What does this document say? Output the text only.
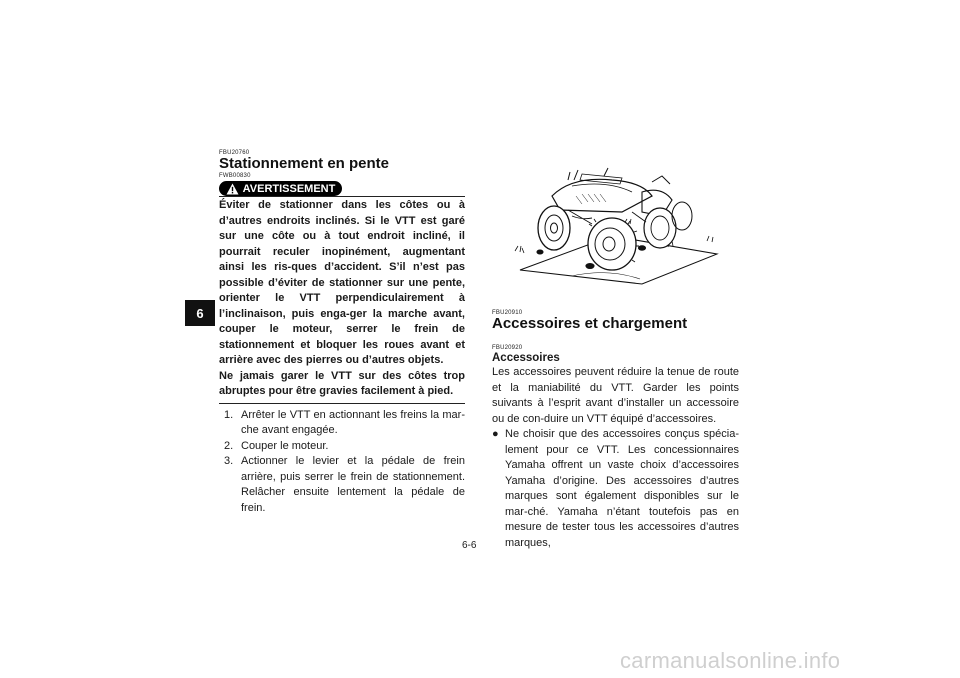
6
FBU20760
Stationnement en pente
FWB00830
AVERTISSEMENT
Éviter de stationner dans les côtes ou à d’autres endroits inclinés. Si le VTT est garé sur une côte ou à tout endroit incliné, il pourrait reculer inopinément, augmentant ainsi les ris-ques d’accident. S’il n’est pas possible d’éviter de stationner sur une pente, orienter le VTT perpendiculairement à l’inclinaison, puis enga-ger la marche avant, couper le moteur, serrer le frein de stationnement et bloquer les roues avant et arrière avec des pierres ou d’autres objets.
Ne jamais garer le VTT sur des côtes trop abruptes pour être gravies facilement à pied.
1. Arrêter le VTT en actionnant les freins la mar-che avant engagée.
2. Couper le moteur.
3. Actionner le levier et la pédale de frein arrière, puis serrer le frein de stationnement. Relâcher ensuite lentement la pédale de frein.
FBU20910
Accessoires et chargement
FBU20920
Accessoires
Les accessoires peuvent réduire la tenue de route et la maniabilité du VTT. Garder les points suivants à l’esprit avant d’installer un accessoire ou de con-duire un VTT équipé d’accessoires.
● Ne choisir que des accessoires conçus spécia-lement pour ce VTT. Les concessionnaires Yamaha offrent un vaste choix d’accessoires Yamaha d’origine. Des accessoires d’autres marques sont également disponibles sur le mar-ché. Yamaha n’étant toutefois pas en mesure de tester tous les accessoires d’autres marques,
6-6
carmanualsonline.info
